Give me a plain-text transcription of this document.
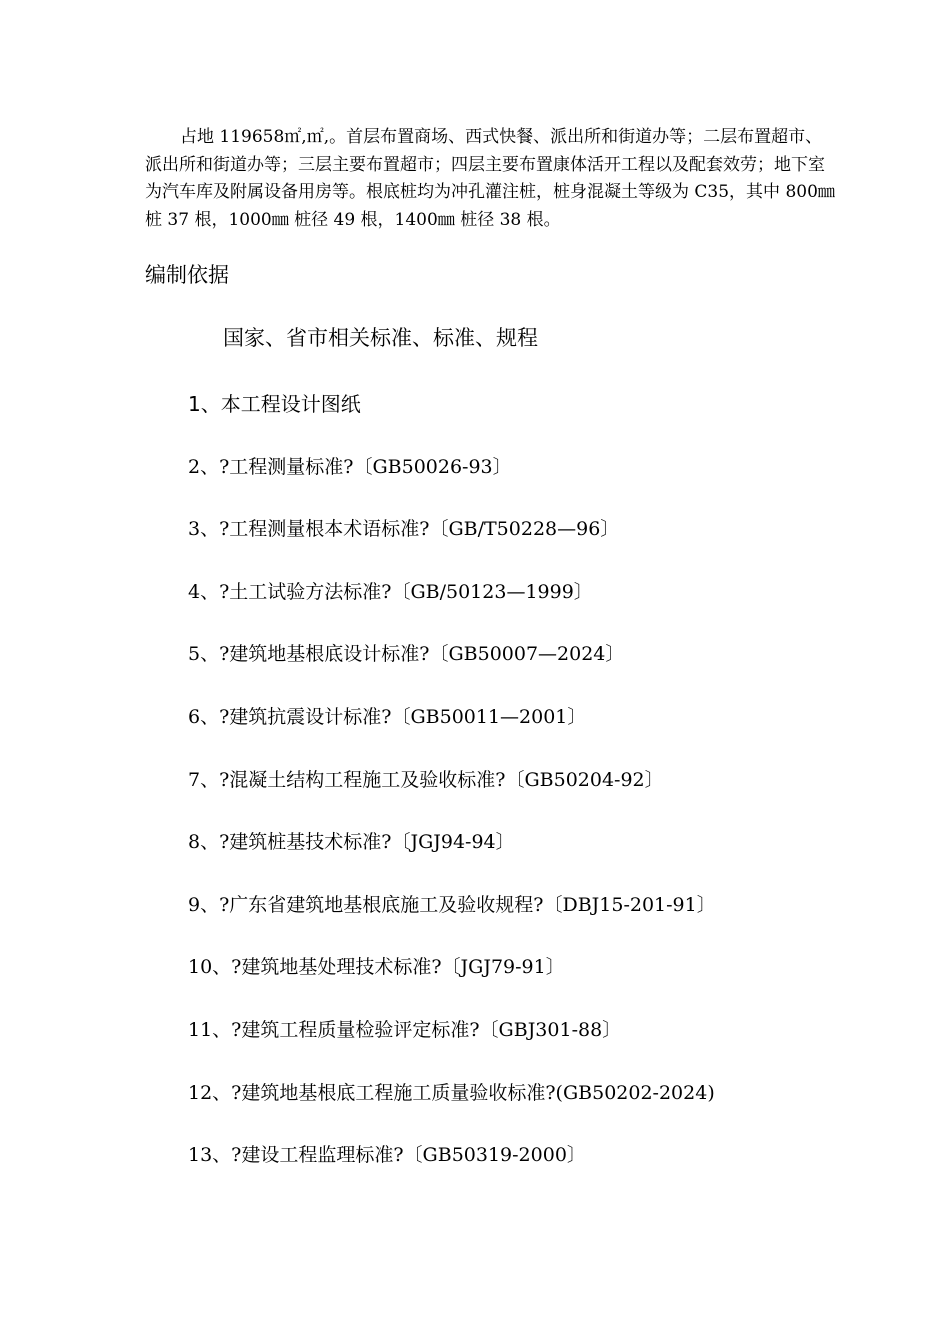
占地 119658㎡,㎡,。首层布置商场、西式快餐、派出所和街道办等；二层布置超市、派出所和街道办等；三层主要布置超市；四层主要布置康体活开工程以及配套效劳；地下室为汽车库及附属设备用房等。根底桩均为冲孔灌注桩，桩身混凝土等级为 C35，其中 800㎜ 桩 37 根，1000㎜ 桩径 49 根，1400㎜ 桩径 38 根。

编制依据
国家、省市相关标准、标准、规程
1、本工程设计图纸
2、?工程测量标准?〔GB50026-93〕
3、?工程测量根本术语标准?〔GB/T50228—96〕
4、?土工试验方法标准?〔GB/50123—1999〕
5、?建筑地基根底设计标准?〔GB50007—2024〕
6、?建筑抗震设计标准?〔GB50011—2001〕
7、?混凝土结构工程施工及验收标准?〔GB50204-92〕
8、?建筑桩基技术标准?〔JGJ94-94〕
9、?广东省建筑地基根底施工及验收规程?〔DBJ15-201-91〕
10、?建筑地基处理技术标准?〔JGJ79-91〕
11、?建筑工程质量检验评定标准?〔GBJ301-88〕
12、?建筑地基根底工程施工质量验收标准?(GB50202-2024)
13、?建设工程监理标准?〔GB50319-2000〕
